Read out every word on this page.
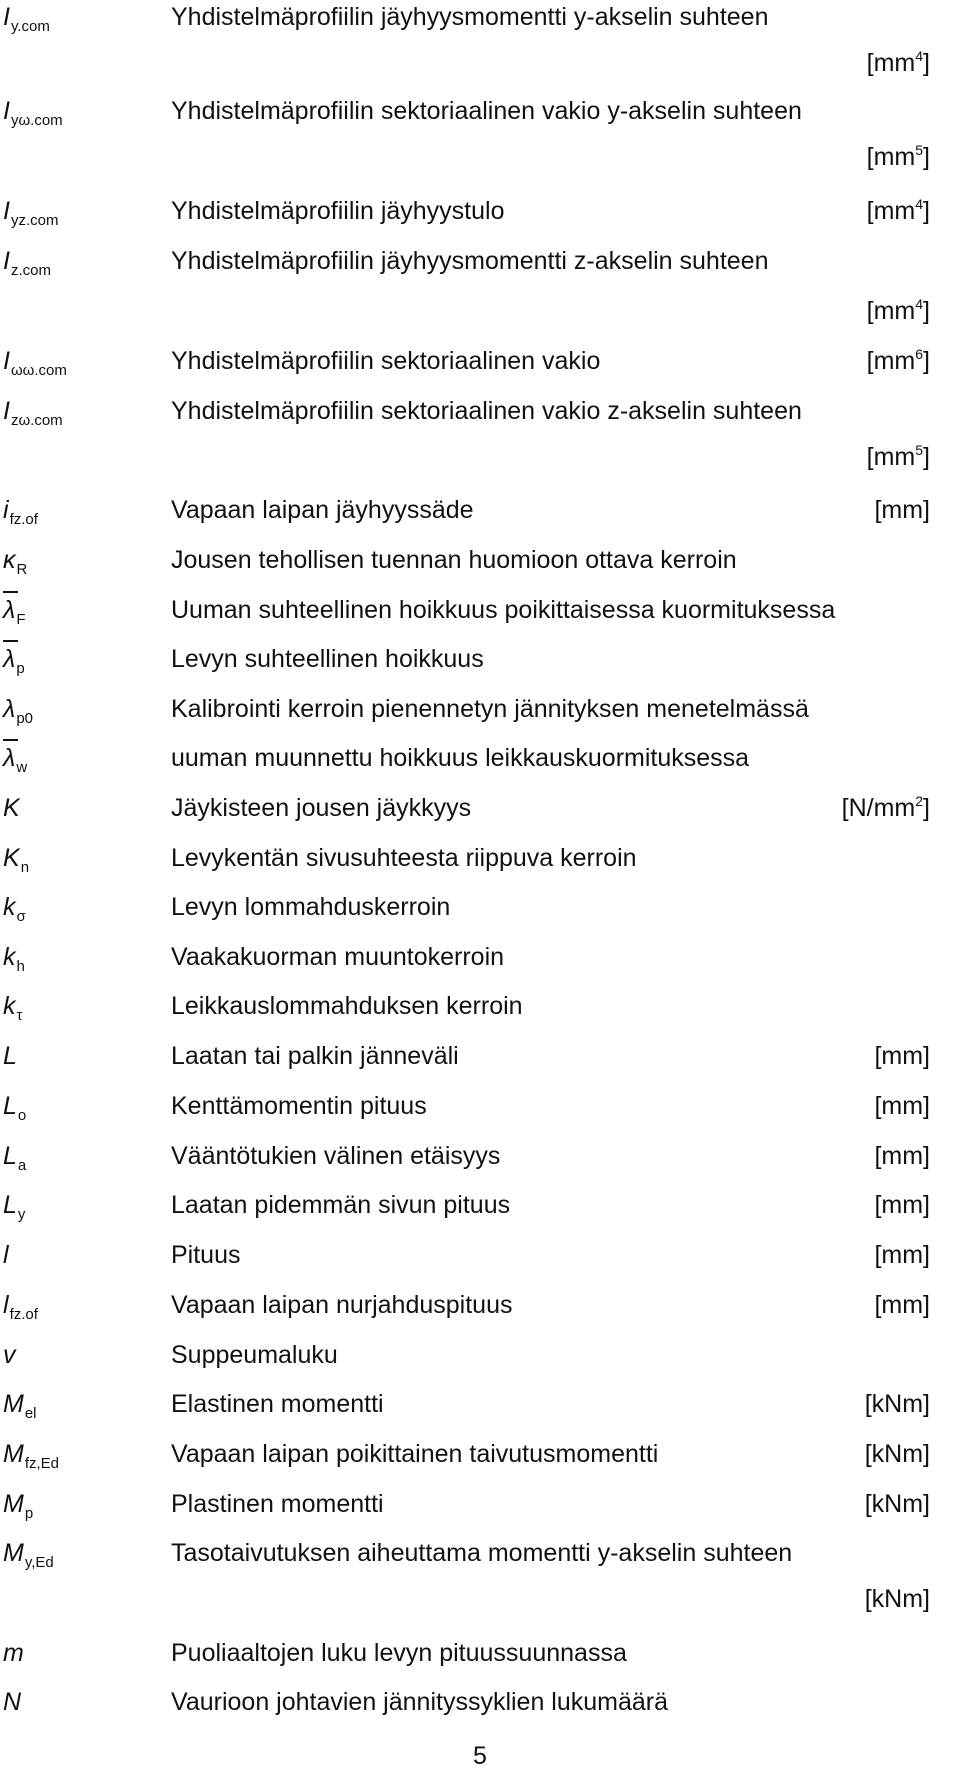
$I_{y.com}$	Yhdistelmäprofiilin jäyhyysmomentti y-akselin suhteen
$[mm^4]$
$I_{y\omega.com}$	Yhdistelmäprofiilin sektoriaalinen vakio y-akselin suhteen
$[mm^5]$
$I_{yz.com}$	Yhdistelmäprofiilin jäyhyystulo	$[mm^4]$
$I_{z.com}$	Yhdistelmäprofiilin jäyhyysmomentti z-akselin suhteen
$[mm^4]$
$I_{\omega\omega.com}$	Yhdistelmäprofiilin sektoriaalinen vakio	$[mm^6]$
$I_{z\omega.com}$	Yhdistelmäprofiilin sektoriaalinen vakio z-akselin suhteen
$[mm^5]$
$i_{fz.of}$	Vapaan laipan jäyhyyssäde	[mm]
$\kappa_R$	Jousen tehollisen tuennan huomioon ottava kerroin
$\lambda_F$	Uuman suhteellinen hoikkuus poikittaisessa kuormituksessa
$\lambda_p$	Levyn suhteellinen hoikkuus
$\lambda_{p0}$	Kalibrointi kerroin pienennetyn jännityksen menetelmässä
$\lambda_w$	uuman muunnettu hoikkuus leikkauskuormituksessa
K	Jäykisteen jousen jäykkyys	$[N/mm^2]$
$K_n$	Levykentän sivusuhteesta riippuva kerroin
$k_\sigma$	Levyn lommahduskerroin
$k_h$	Vaakakuorman muuntokerroin
$k_\tau$	Leikkauslommahduksen kerroin
L	Laatan tai palkin jänneväli	[mm]
$L_o$	Kenttämomentin pituus	[mm]
$L_a$	Vääntötukien välinen etäisyys	[mm]
$L_y$	Laatan pidemmän sivun pituus	[mm]
l	Pituus	[mm]
$l_{fz.of}$	Vapaan laipan nurjahduspituus	[mm]
v	Suppeumaluku
$M_{el}$	Elastinen momentti	[kNm]
$M_{fz,Ed}$	Vapaan laipan poikittainen taivutusmomentti	[kNm]
$M_p$	Plastinen momentti	[kNm]
$M_{y,Ed}$	Tasotaivutuksen aiheuttama momentti y-akselin suhteen
[kNm]
m	Puoliaaltojen luku levyn pituussuunnassa
N	Vaurioon johtavien jännityssyklien lukumäärä
5
